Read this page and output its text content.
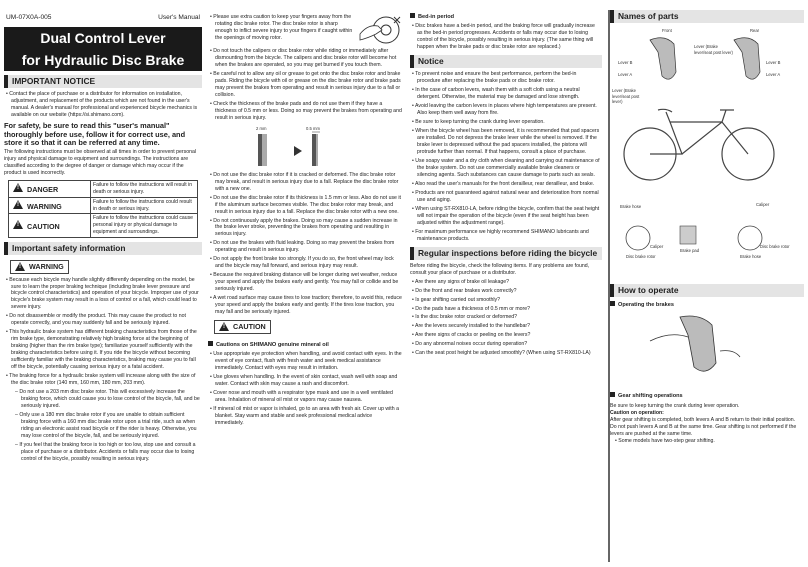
UM-07X0A-005	User's Manual
Dual Control Lever
for Hydraulic Disc Brake
IMPORTANT NOTICE
• Contact the place of purchase or a distributor for information on installation, adjustment, and replacement of the products which are not found in the user's manual. A dealer's manual for professional and experienced bicycle mechanics is available on our website (https://si.shimano.com).
For safety, be sure to read this "user's manual" thoroughly before use, follow it for correct use, and store it so that it can be referred at any time.
The following instructions must be observed at all times in order to prevent personal injury and physical damage to equipment and surroundings. The instructions are classified according to the degree of danger or damage which may occur if the product is used incorrectly.
!DANGER	Failure to follow the instructions will result in death or serious injury.
!WARNING	Failure to follow the instructions could result in death or serious injury.
!CAUTION	Failure to follow the instructions could cause personal injury or physical damage to equipment and surroundings.
Important safety information
!
WARNING
• Because each bicycle may handle slightly differently depending on the model, be sure to learn the proper braking technique (including brake lever pressure and bicycle control characteristics) and operation of your bicycle. Improper use of your bicycle's brake system may result in a loss of control or a fall, which could lead to severe injury.
• Do not disassemble or modify the product. This may cause the product to not operate correctly, and you may suddenly fall and be seriously injured.
• This hydraulic brake system has different braking characteristics from those of the rim brake type, demonstrating relatively high braking force at the beginning of braking (higher than the rim brake type); familiarize yourself sufficiently with the braking characteristics before using it. If you ride the bicycle without becoming sufficiently familiar with the braking characteristics, braking may cause you to fall off the bicycle, potentially causing serious injury or a fatal accident.
• The braking force for a hydraulic brake system will increase along with the size of the disc brake rotor (140 mm, 160 mm, 180 mm, 203 mm).
– Do not use a 203 mm disc brake rotor. This will excessively increase the braking force, which could cause you to lose control of the bicycle, fall, and be seriously injured.
– Only use a 180 mm disc brake rotor if you are unable to obtain sufficient braking force with a 160 mm disc brake rotor upon a trial ride, such as when riding an electronic assist road bicycle or if the rider is heavy. Otherwise, you may lose control of the bicycle, fall, and be seriously injured.
– If you feel that the braking force is too high or too low, stop use and consult a place of purchase or a distributor. Accidents or falls may occur due to losing control of the bicycle, possibly resulting in serious injury.
• Please use extra caution to keep your fingers away from the rotating disc brake rotor. The disc brake rotor is sharp enough to inflict severe injury to your fingers if caught within the openings of moving rotor.
• Do not touch the calipers or disc brake rotor while riding or immediately after dismounting from the bicycle. The calipers and disc brake rotor will become hot when the brakes are operated, so you may get burned if you touch them.
• Be careful not to allow any oil or grease to get onto the disc brake rotor and brake pads. Riding the bicycle with oil or grease on the disc brake rotor and brake pads may prevent the brakes from operating and result in serious injury due to a fall or collision.
• Check the thickness of the brake pads and do not use them if they have a thickness of 0.5 mm or less. Doing so may prevent the brakes from operating and result in serious injury.
2 mm	0.5 mm
• Do not use the disc brake rotor if it is cracked or deformed. The disc brake rotor may break, and result in serious injury due to a fall. Replace the disc brake rotor with a new one.
• Do not use the disc brake rotor if its thickness is 1.5 mm or less. Also do not use it if the aluminum surface becomes visible. The disc brake rotor may break, and result in serious injury due to a fall. Replace the disc brake rotor with a new one.
• Do not continuously apply the brakes. Doing so may cause a sudden increase in the brake lever stroke, preventing the brakes from operating and resulting in serious injury.
• Do not use the brakes with fluid leaking. Doing so may prevent the brakes from operating and result in serious injury.
• Do not apply the front brake too strongly. If you do so, the front wheel may lock and the bicycle may fall forward, and serious injury may result.
• Because the required braking distance will be longer during wet weather, reduce your speed and apply the brakes early and gently. You may fall or collide and be seriously injured.
• A wet road surface may cause tires to lose traction; therefore, to avoid this, reduce your speed and apply the brakes early and gently. If the tires lose traction, you may fall and be seriously injured.
!
CAUTION
Cautions on SHIMANO genuine mineral oil
• Use appropriate eye protection when handling, and avoid contact with eyes. In the event of eye contact, flush with fresh water and seek medical assistance immediately. Contact with eyes may result in irritation.
• Use gloves when handling. In the event of skin contact, wash well with soap and water. Contact with skin may cause a rash and discomfort.
• Cover nose and mouth with a respirator type mask and use in a well ventilated area. Inhalation of mineral oil mist or vapors may cause nausea.
• If mineral oil mist or vapor is inhaled, go to an area with fresh air. Cover up with a blanket. Stay warm and stable and seek professional medical advice immediately.
Bed-in period
• Disc brakes have a bed-in period, and the braking force will gradually increase as the bed-in period progresses. Accidents or falls may occur due to losing control of the bicycle, possibly resulting in serious injury. (The same thing will happen when the brake pads or disc brake rotor are replaced.)
Notice
• To prevent noise and ensure the best performance, perform the bed-in procedure after replacing the brake pads or disc brake rotor.
• In the case of carbon levers, wash them with a soft cloth using a neutral detergent. Otherwise, the material may be damaged and lose strength.
• Avoid leaving the carbon levers in places where high temperatures are present. Also keep them well away from fire.
• Be sure to keep turning the crank during lever operation.
• When the bicycle wheel has been removed, it is recommended that pad spacers are installed. Do not depress the brake lever while the wheel is removed. If the brake lever is depressed without the pad spacers installed, the pistons will protrude further than normal. If that happens, consult a place of purchase.
• Use soapy water and a dry cloth when cleaning and carrying out maintenance of the brake system. Do not use commercially available brake cleaners or silencing agents. Such substances can cause damage to parts such as seals.
• Also read the user's manuals for the front derailleur, rear derailleur, and brake.
• Products are not guaranteed against natural wear and deterioration from normal use and aging.
• When using ST-RX810-LA, before riding the bicycle, confirm that the seat height will not impair the operation of the bicycle (even if the seat height has been adjusted within the adjustment range).
• For maximum performance we highly recommend SHIMANO lubricants and maintenance products.
Regular inspections before riding the bicycle
Before riding the bicycle, check the following items. If any problems are found, consult your place of purchase or a distributor.
• Are there any signs of brake oil leakage?
• Do the front and rear brakes work correctly?
• Is gear shifting carried out smoothly?
• Do the pads have a thickness of 0.5 mm or more?
• Is the disc brake rotor cracked or deformed?
• Are the levers securely installed to the handlebar?
• Are there signs of cracks or peeling on the levers?
• Do any abnormal noises occur during operation?
• Can the seat post height be adjusted smoothly? (When using ST-RX810-LA)
Names of parts
Front	Rear
Lever (Brake lever/seat post lever)
Lever B
Lever A
Lever B
Lever A
Lever (Brake lever/seat post lever)
Brake hose	Caliper
Disc brake rotor
Brake pad
Brake hose
Caliper	Disc brake rotor
How to operate
Operating the brakes
Gear shifting operations
Be sure to keep turning the crank during lever operation.
Caution on operation:
After gear shifting is completed, both levers A and B return to their initial position.
Do not push levers A and B at the same time. Gear shifting is not performed if the levers are pushed at the same time.
• Some models have two-step gear shifting.
